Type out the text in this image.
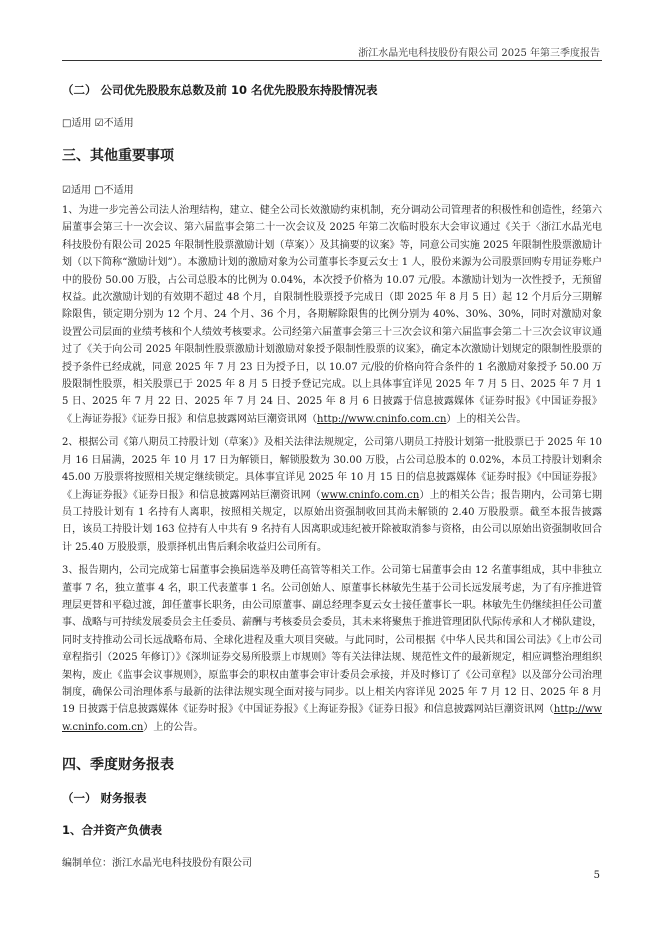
浙江水晶光电科技股份有限公司 2025 年第三季度报告

（二） 公司优先股股东总数及前 10 名优先股股东持股情况表

□适用 ☑不适用

三、其他重要事项

☑适用 □不适用

1、为进一步完善公司法人治理结构，建立、健全公司长效激励约束机制，充分调动公司管理者的积极性和创造性，经第六届董事会第三十一次会议、第六届监事会第二十一次会议及 2025 年第二次临时股东大会审议通过《关于〈浙江水晶光电科技股份有限公司 2025 年限制性股票激励计划（草案）〉及其摘要的议案》等，同意公司实施 2025 年限制性股票激励计划（以下简称“激励计划”）。本激励计划的激励对象为公司董事长李夏云女士 1 人，股份来源为公司股票回购专用证券账户中的股份 50.00 万股，占公司总股本的比例为 0.04%，本次授予价格为 10.07 元/股。本激励计划为一次性授予，无预留权益。此次激励计划的有效期不超过 48 个月，自限制性股票授予完成日（即 2025 年 8 月 5 日）起 12 个月后分三期解除限售，锁定期分别为 12 个月、24 个月、36 个月，各期解除限售的比例分别为 40%、30%、30%，同时对激励对象设置公司层面的业绩考核和个人绩效考核要求。公司经第六届董事会第三十三次会议和第六届监事会第二十三次会议审议通过了《关于向公司 2025 年限制性股票激励计划激励对象授予限制性股票的议案》，确定本次激励计划规定的限制性股票的授予条件已经成就，同意 2025 年 7 月 23 日为授予日，以 10.07 元/股的价格向符合条件的 1 名激励对象授予 50.00 万股限制性股票，相关股票已于 2025 年 8 月 5 日授予登记完成。以上具体事宜详见 2025 年 7 月 5 日、2025 年 7 月 15 日、2025 年 7 月 22 日、2025 年 7 月 24 日、2025 年 8 月 6 日披露于信息披露媒体《证券时报》《中国证券报》《上海证券报》《证券日报》和信息披露网站巨潮资讯网（http://www.cninfo.com.cn）上的相关公告。

2、根据公司《第八期员工持股计划（草案）》及相关法律法规规定，公司第八期员工持股计划第一批股票已于 2025 年 10 月 16 日届满，2025 年 10 月 17 日为解锁日，解锁股数为 30.00 万股，占公司总股本的 0.02%，本员工持股计划剩余 45.00 万股票将按照相关规定继续锁定。具体事宜详见 2025 年 10 月 15 日的信息披露媒体《证券时报》《中国证券报》《上海证券报》《证券日报》和信息披露网站巨潮资讯网（www.cninfo.com.cn）上的相关公告；报告期内，公司第七期员工持股计划有 1 名持有人离职，按照相关规定，以原始出资强制收回其尚未解锁的 2.40 万股股票。截至本报告披露日，该员工持股计划 163 位持有人中共有 9 名持有人因离职或违纪被开除被取消参与资格，由公司以原始出资强制收回合计 25.40 万股股票，股票择机出售后剩余收益归公司所有。

3、报告期内，公司完成第七届董事会换届选举及聘任高管等相关工作。公司第七届董事会由 12 名董事组成，其中非独立董事 7 名，独立董事 4 名，职工代表董事 1 名。公司创始人、原董事长林敏先生基于公司长远发展考虑，为了有序推进管理层更替和平稳过渡，卸任董事长职务，由公司原董事、副总经理李夏云女士接任董事长一职。林敏先生仍继续担任公司董事、战略与可持续发展委员会主任委员、薪酬与考核委员会委员，其未来将聚焦于推进管理团队代际传承和人才梯队建设，同时支持推动公司长远战略布局、全球化进程及重大项目突破。与此同时，公司根据《中华人民共和国公司法》《上市公司章程指引（2025 年修订）》《深圳证券交易所股票上市规则》等有关法律法规、规范性文件的最新规定，相应调整治理组织架构，废止《监事会议事规则》，原监事会的职权由董事会审计委员会承接，并及时修订了《公司章程》以及部分公司治理制度，确保公司治理体系与最新的法律法规实现全面对接与同步。以上相关内容详见 2025 年 7 月 12 日、2025 年 8 月 19 日披露于信息披露媒体《证券时报》《中国证券报》《上海证券报》《证券日报》和信息披露网站巨潮资讯网（http://www.cninfo.com.cn）上的公告。

四、季度财务报表

（一） 财务报表

1、合并资产负债表

编制单位：浙江水晶光电科技股份有限公司

5
